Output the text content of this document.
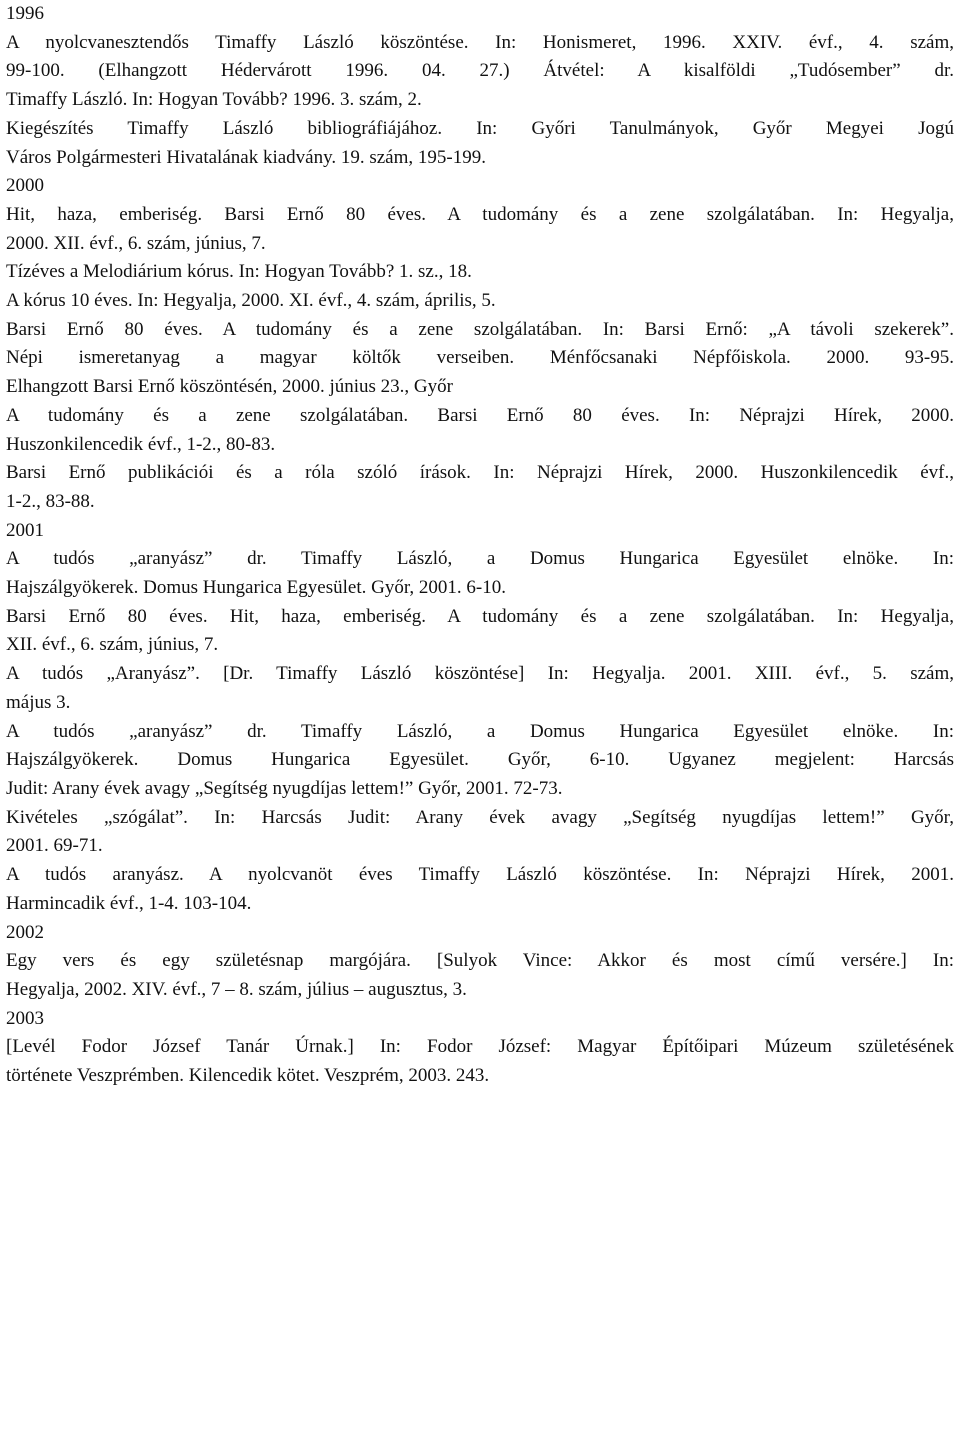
1996
A nyolcvanesztendős Timaffy László köszöntése. In: Honismeret, 1996. XXIV. évf., 4. szám,
99-100. (Elhangzott Hédervárott 1996. 04. 27.) Átvétel: A kisalföldi „Tudósember” dr.
Timaffy László. In: Hogyan Tovább? 1996. 3. szám, 2.
Kiegészítés Timaffy László bibliográfiájához. In: Győri Tanulmányok, Győr Megyei Jogú
Város Polgármesteri Hivatalának kiadvány. 19. szám, 195-199.
2000
Hit, haza, emberiség. Barsi Ernő 80 éves. A tudomány és a zene szolgálatában. In: Hegyalja,
2000. XII. évf., 6. szám, június, 7.
Tízéves a Melodiárium kórus. In: Hogyan Tovább? 1. sz., 18.
A kórus 10 éves. In: Hegyalja, 2000. XI. évf., 4. szám, április, 5.
Barsi Ernő 80 éves. A tudomány és a zene szolgálatában. In: Barsi Ernő: „A távoli szekerek”.
Népi ismeretanyag a magyar költők verseiben. Ménfőcsanaki Népfőiskola. 2000. 93-95.
Elhangzott Barsi Ernő köszöntésén, 2000. június 23., Győr
A tudomány és a zene szolgálatában. Barsi Ernő 80 éves. In: Néprajzi Hírek, 2000.
Huszonkilencedik évf., 1-2., 80-83.
Barsi Ernő publikációi és a róla szóló írások. In: Néprajzi Hírek, 2000. Huszonkilencedik évf.,
1-2., 83-88.
2001
A tudós „aranyász” dr. Timaffy László, a Domus Hungarica Egyesület elnöke. In:
Hajszálgyökerek. Domus Hungarica Egyesület. Győr, 2001. 6-10.
Barsi Ernő 80 éves. Hit, haza, emberiség. A tudomány és a zene szolgálatában. In: Hegyalja,
XII. évf., 6. szám, június, 7.
A tudós „Aranyász”. [Dr. Timaffy László köszöntése] In: Hegyalja. 2001. XIII. évf., 5. szám,
május 3.
A tudós „aranyász” dr. Timaffy László, a Domus Hungarica Egyesület elnöke. In:
Hajszálgyökerek. Domus Hungarica Egyesület. Győr, 6-10. Ugyanez megjelent: Harcsás
Judit: Arany évek avagy „Segítség nyugdíjas lettem!” Győr, 2001. 72-73.
Kivételes „szógálat”. In: Harcsás Judit: Arany évek avagy „Segítség nyugdíjas lettem!” Győr,
2001. 69-71.
A tudós aranyász. A nyolcvanöt éves Timaffy László köszöntése. In: Néprajzi Hírek, 2001.
Harmincadik évf., 1-4. 103-104.
2002
Egy vers és egy születésnap margójára. [Sulyok Vince: Akkor és most című versére.] In:
Hegyalja, 2002. XIV. évf., 7 – 8. szám, július – augusztus, 3.
2003
[Levél Fodor József Tanár Úrnak.] In: Fodor József: Magyar Építőipari Múzeum születésének
története Veszprémben. Kilencedik kötet. Veszprém, 2003. 243.
